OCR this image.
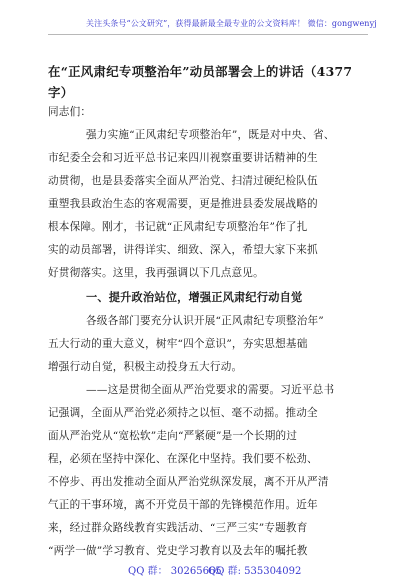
关注头条号“公文研究”，获得最新最全最专业的公文资料库！ 微信：gongwenyj
在“正风肃纪专项整治年”动员部署会上的讲话（4377
字）
同志们：
强力实施“正风肃纪专项整治年”，既是对中央、省、
市纪委全会和习近平总书记来四川视察重要讲话精神的生
动贯彻，也是县委落实全面从严治党、扫清过硬纪检队伍
重塑我县政治生态的客观需要，更是推进县委发展战略的
根本保障。刚才，书记就“正风肃纪专项整治年”作了扎
实的动员部署，讲得详实、细致、深入，希望大家下来抓
好贯彻落实。这里，我再强调以下几点意见。
一、提升政治站位，增强正风肃纪行动自觉
各级各部门要充分认识开展“正风肃纪专项整治年”
五大行动的重大意义，树牢“四个意识”，夯实思想基础
增强行动自觉，积极主动投身五大行动。
——这是贯彻全面从严治党要求的需要。习近平总书
记强调，全面从严治党必须持之以恒、毫不动摇。推动全
面从严治党从“宽松软”走向“严紧硬”是一个长期的过
程，必须在坚持中深化、在深化中坚持。我们要不松劲、
不停步、再出发推动全面从严治党纵深发展，离不开从严清
气正的干事环境，离不开党员干部的先锋模范作用。近年
来，经过群众路线教育实践活动、“三严三实”专题教育
“两学一做”学习教育、党史学习教育以及去年的嘱托教
QQ 群： 30265665
QQ 群: 535304092
